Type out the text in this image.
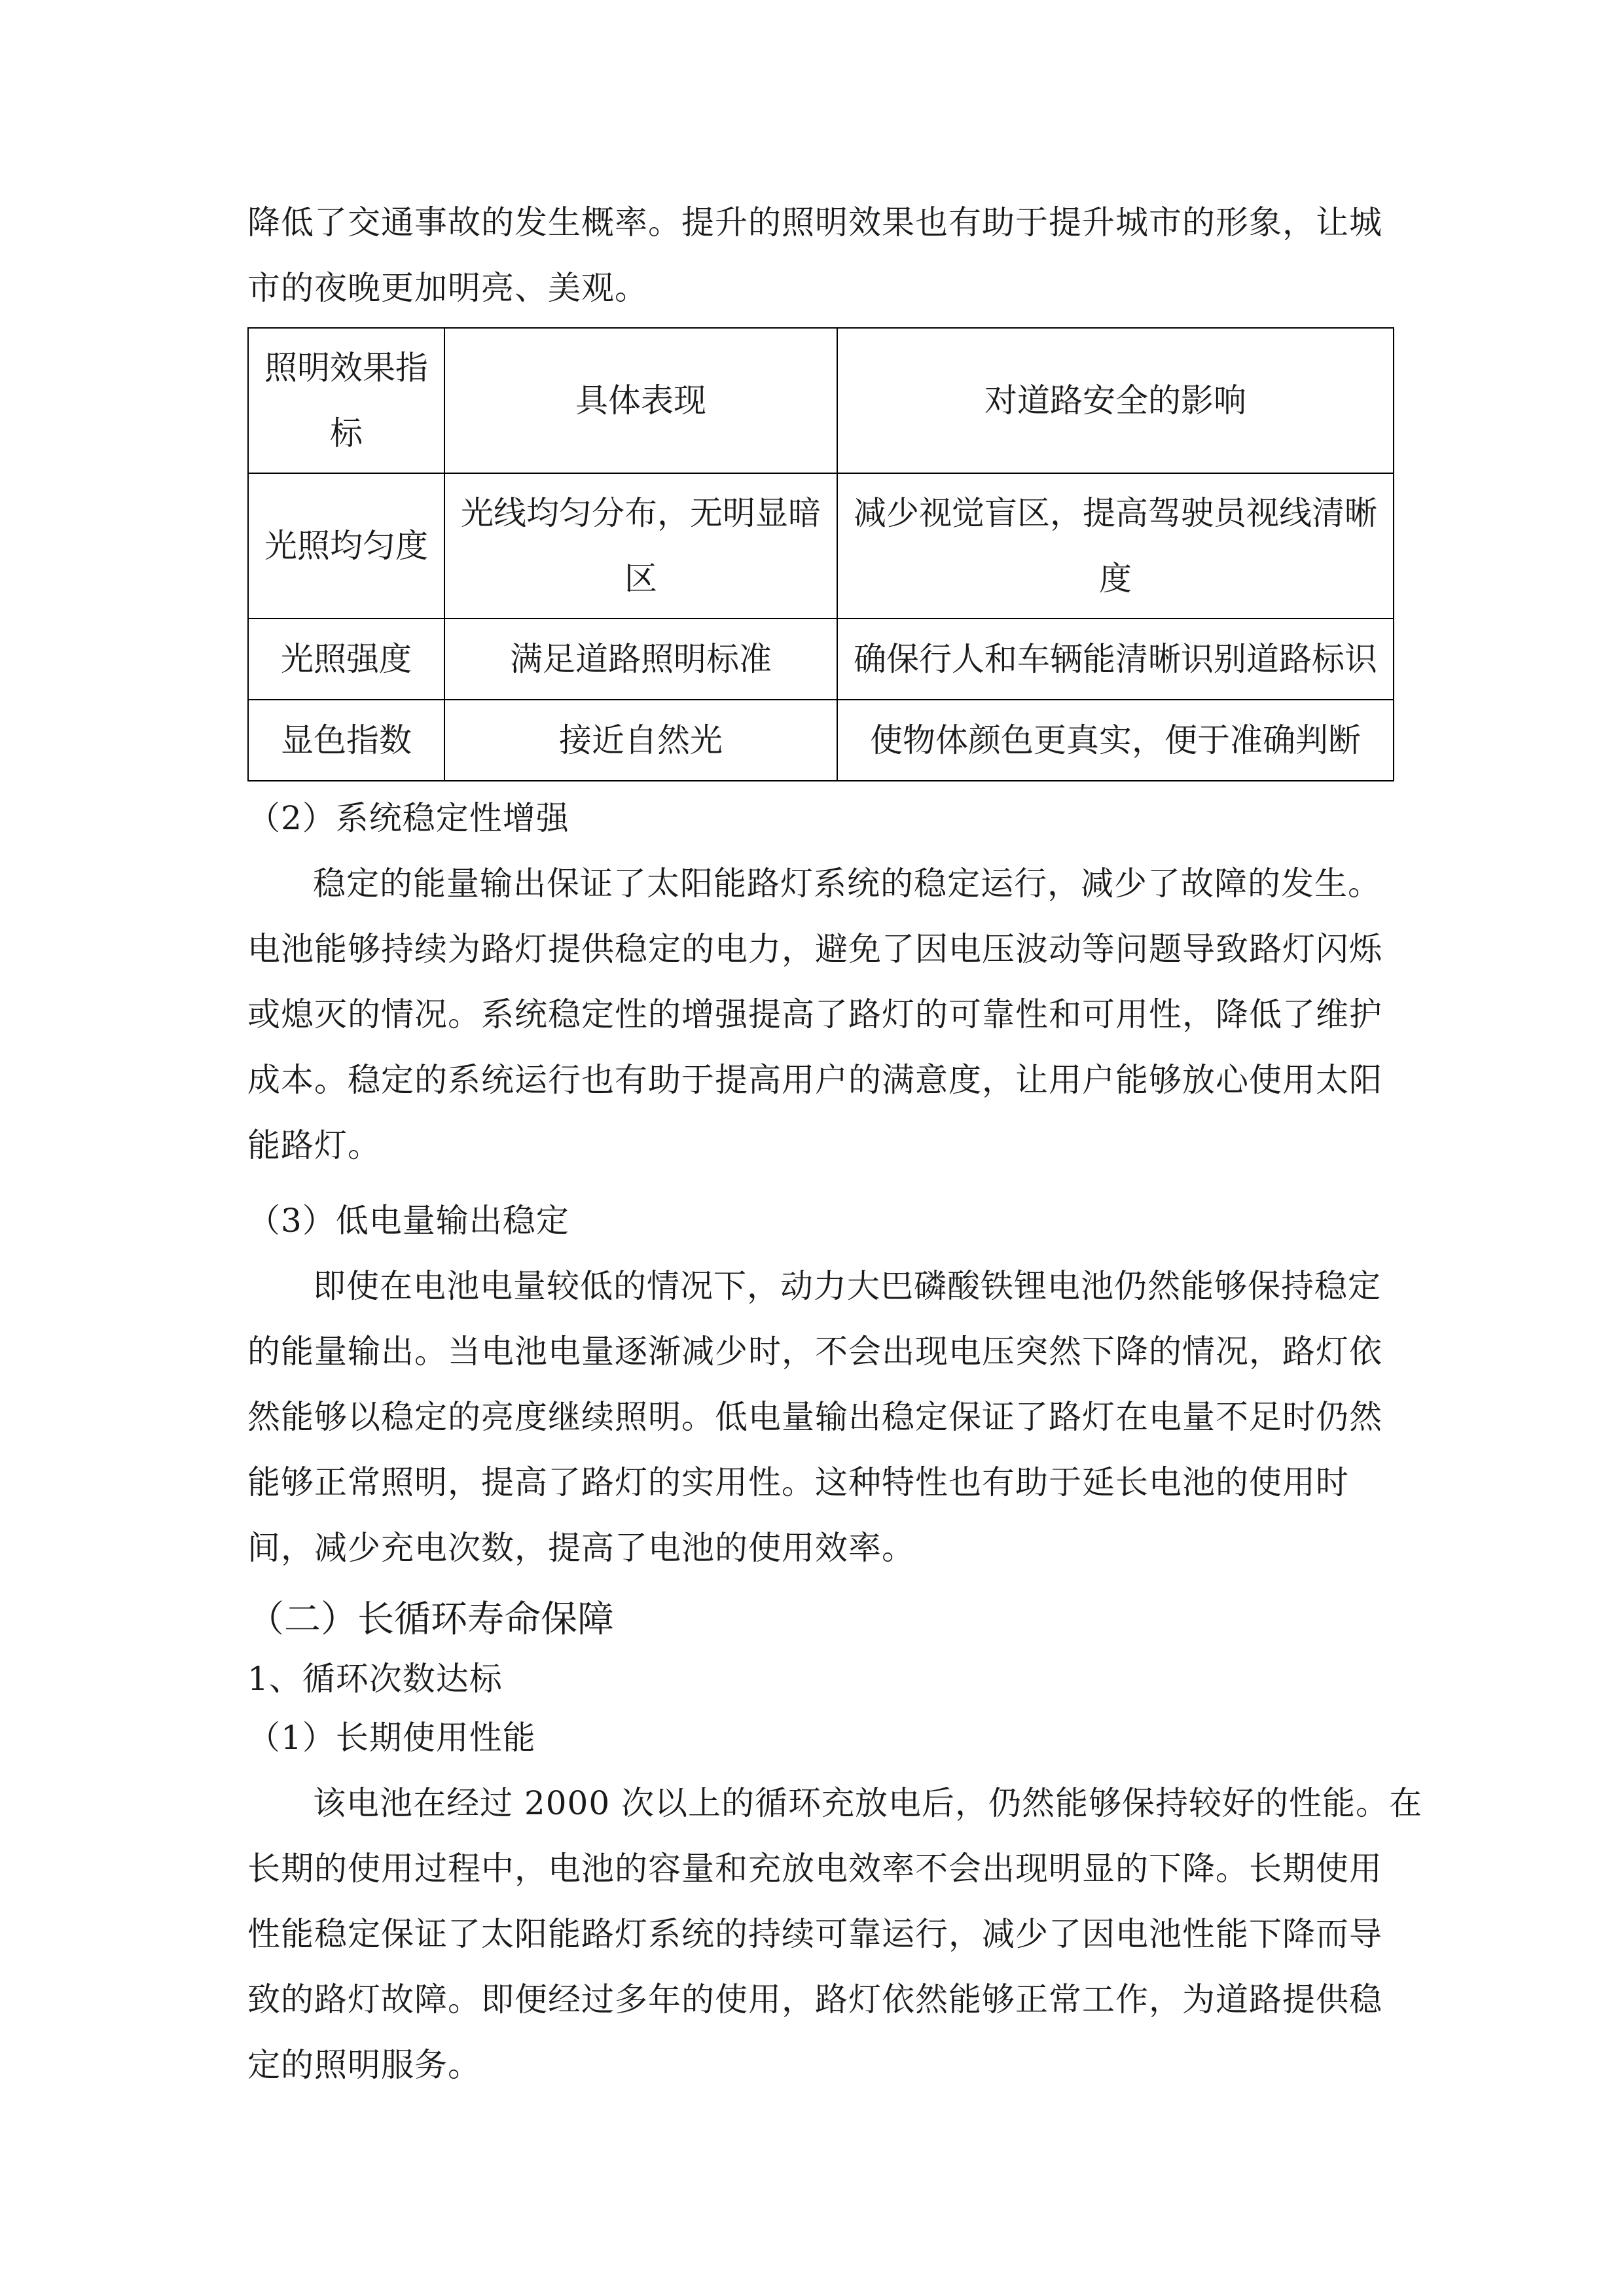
降低了交通事故的发生概率。提升的照明效果也有助于提升城市的形象，让城
市的夜晚更加明亮、美观。
照明效果指标	具体表现	对道路安全的影响
光照均匀度	光线均匀分布，无明显暗区	减少视觉盲区，提高驾驶员视线清晰度
光照强度	满足道路照明标准	确保行人和车辆能清晰识别道路标识
显色指数	接近自然光	使物体颜色更真实，便于准确判断
（2）系统稳定性增强
稳定的能量输出保证了太阳能路灯系统的稳定运行，减少了故障的发生。
电池能够持续为路灯提供稳定的电力，避免了因电压波动等问题导致路灯闪烁
或熄灭的情况。系统稳定性的增强提高了路灯的可靠性和可用性，降低了维护
成本。稳定的系统运行也有助于提高用户的满意度，让用户能够放心使用太阳
能路灯。
（3）低电量输出稳定
即使在电池电量较低的情况下，动力大巴磷酸铁锂电池仍然能够保持稳定
的能量输出。当电池电量逐渐减少时，不会出现电压突然下降的情况，路灯依
然能够以稳定的亮度继续照明。低电量输出稳定保证了路灯在电量不足时仍然
能够正常照明，提高了路灯的实用性。这种特性也有助于延长电池的使用时
间，减少充电次数，提高了电池的使用效率。
（二）长循环寿命保障
1、循环次数达标
（1）长期使用性能
该电池在经过 2000 次以上的循环充放电后，仍然能够保持较好的性能。在
长期的使用过程中，电池的容量和充放电效率不会出现明显的下降。长期使用
性能稳定保证了太阳能路灯系统的持续可靠运行，减少了因电池性能下降而导
致的路灯故障。即便经过多年的使用，路灯依然能够正常工作，为道路提供稳
定的照明服务。
